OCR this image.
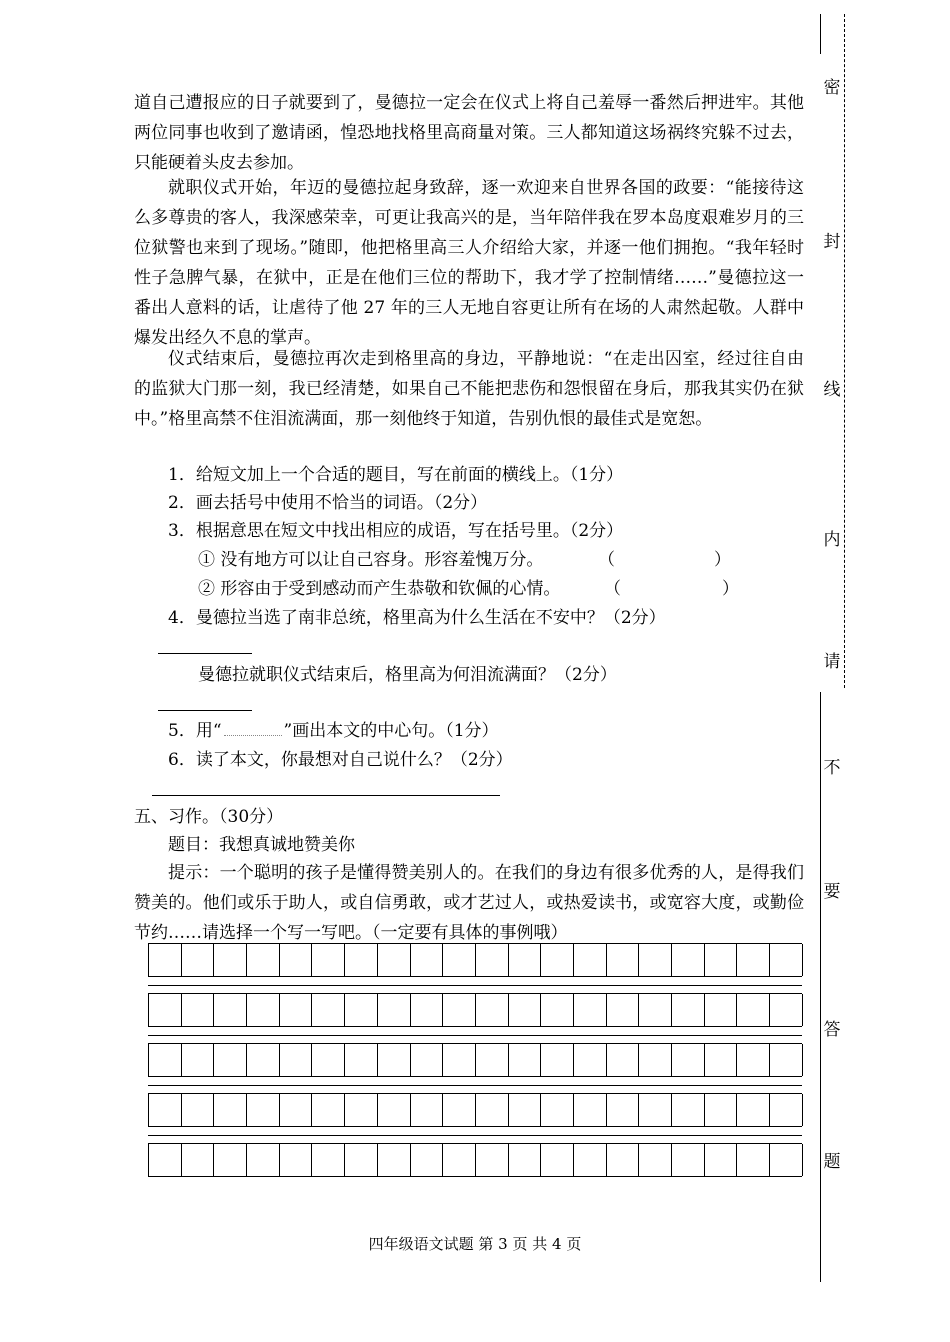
道自己遭报应的日子就要到了，曼德拉一定会在仪式上将自己羞辱一番然后押进牢。其他两位同事也收到了邀请函，惶恐地找格里高商量对策。三人都知道这场祸终究躲不过去，只能硬着头皮去参加。
就职仪式开始，年迈的曼德拉起身致辞，逐一欢迎来自世界各国的政要：“能接待这么多尊贵的客人，我深感荣幸，可更让我高兴的是，当年陪伴我在罗本岛度艰难岁月的三位狱警也来到了现场。”随即，他把格里高三人介绍给大家，并逐一他们拥抱。“我年轻时性子急脾气暴，在狱中，正是在他们三位的帮助下，我才学了控制情绪……”曼德拉这一番出人意料的话，让虐待了他 27 年的三人无地自容更让所有在场的人肃然起敬。人群中爆发出经久不息的掌声。
仪式结束后，曼德拉再次走到格里高的身边，平静地说：“在走出囚室，经过往自由的监狱大门那一刻，我已经清楚，如果自己不能把悲伤和怨恨留在身后，那我其实仍在狱中。”格里高禁不住泪流满面，那一刻他终于知道，告别仇恨的最佳式是宽恕。
1．给短文加上一个合适的题目，写在前面的横线上。（1分）
2．画去括号中使用不恰当的词语。（2分）
3．根据意思在短文中找出相应的成语，写在括号里。（2分）
① 没有地方可以让自己容身。形容羞愧万分。	（	）
② 形容由于受到感动而产生恭敬和钦佩的心情。	（	）
4．曼德拉当选了南非总统，格里高为什么生活在不安中？（2分）
曼德拉就职仪式结束后，格里高为何泪流满面？（2分）
5．用“	”画出本文的中心句。（1分）
6．读了本文，你最想对自己说什么？（2分）
五、习作。（30分）
题目：我想真诚地赞美你
提示：一个聪明的孩子是懂得赞美别人的。在我们的身边有很多优秀的人，是得我们赞美的。他们或乐于助人，或自信勇敢，或才艺过人，或热爱读书，或宽容大度，或勤俭节约……请选择一个写一写吧。（一定要有具体的事例哦）
密
封
线
内
请
不
要
答
题
四年级语文试题 第 3 页 共 4 页
